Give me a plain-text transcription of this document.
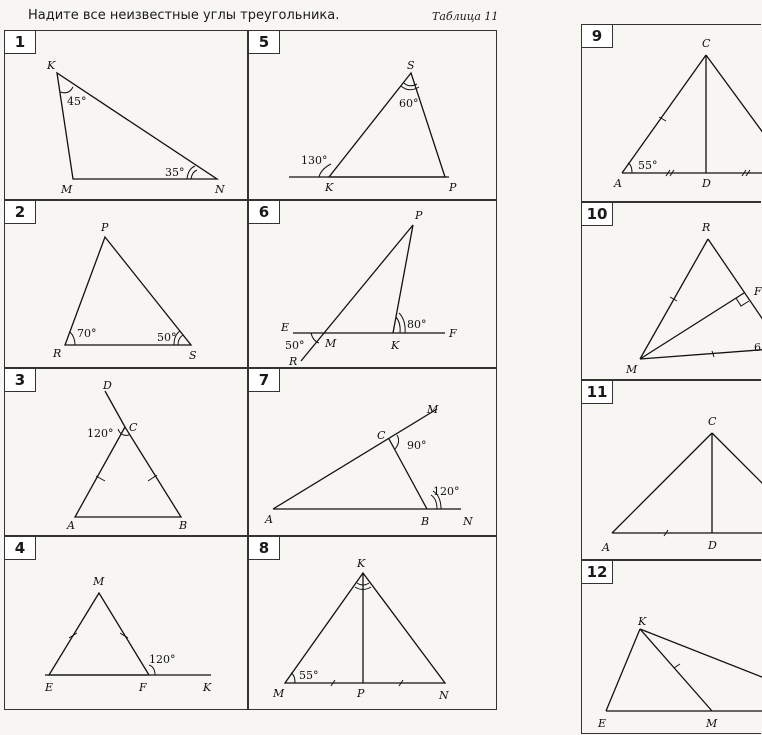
Надите все неизвестные углы треугольника.	Таблица 11
1
K
M	N
45°
35°
5
S
K	P
60°
130°
2
P
R	S
70°	50°
6	P
E	F
M	K
R
80°
50°
3	D
C
A	B
120°
7
M
C
A	B	N
90°
120°
4
M
E	F	K
120°
8
K
M	P	N
55°
9	C
A	D
55°
10
R
M
F
6
11
C
A	D
12
K
E	M
